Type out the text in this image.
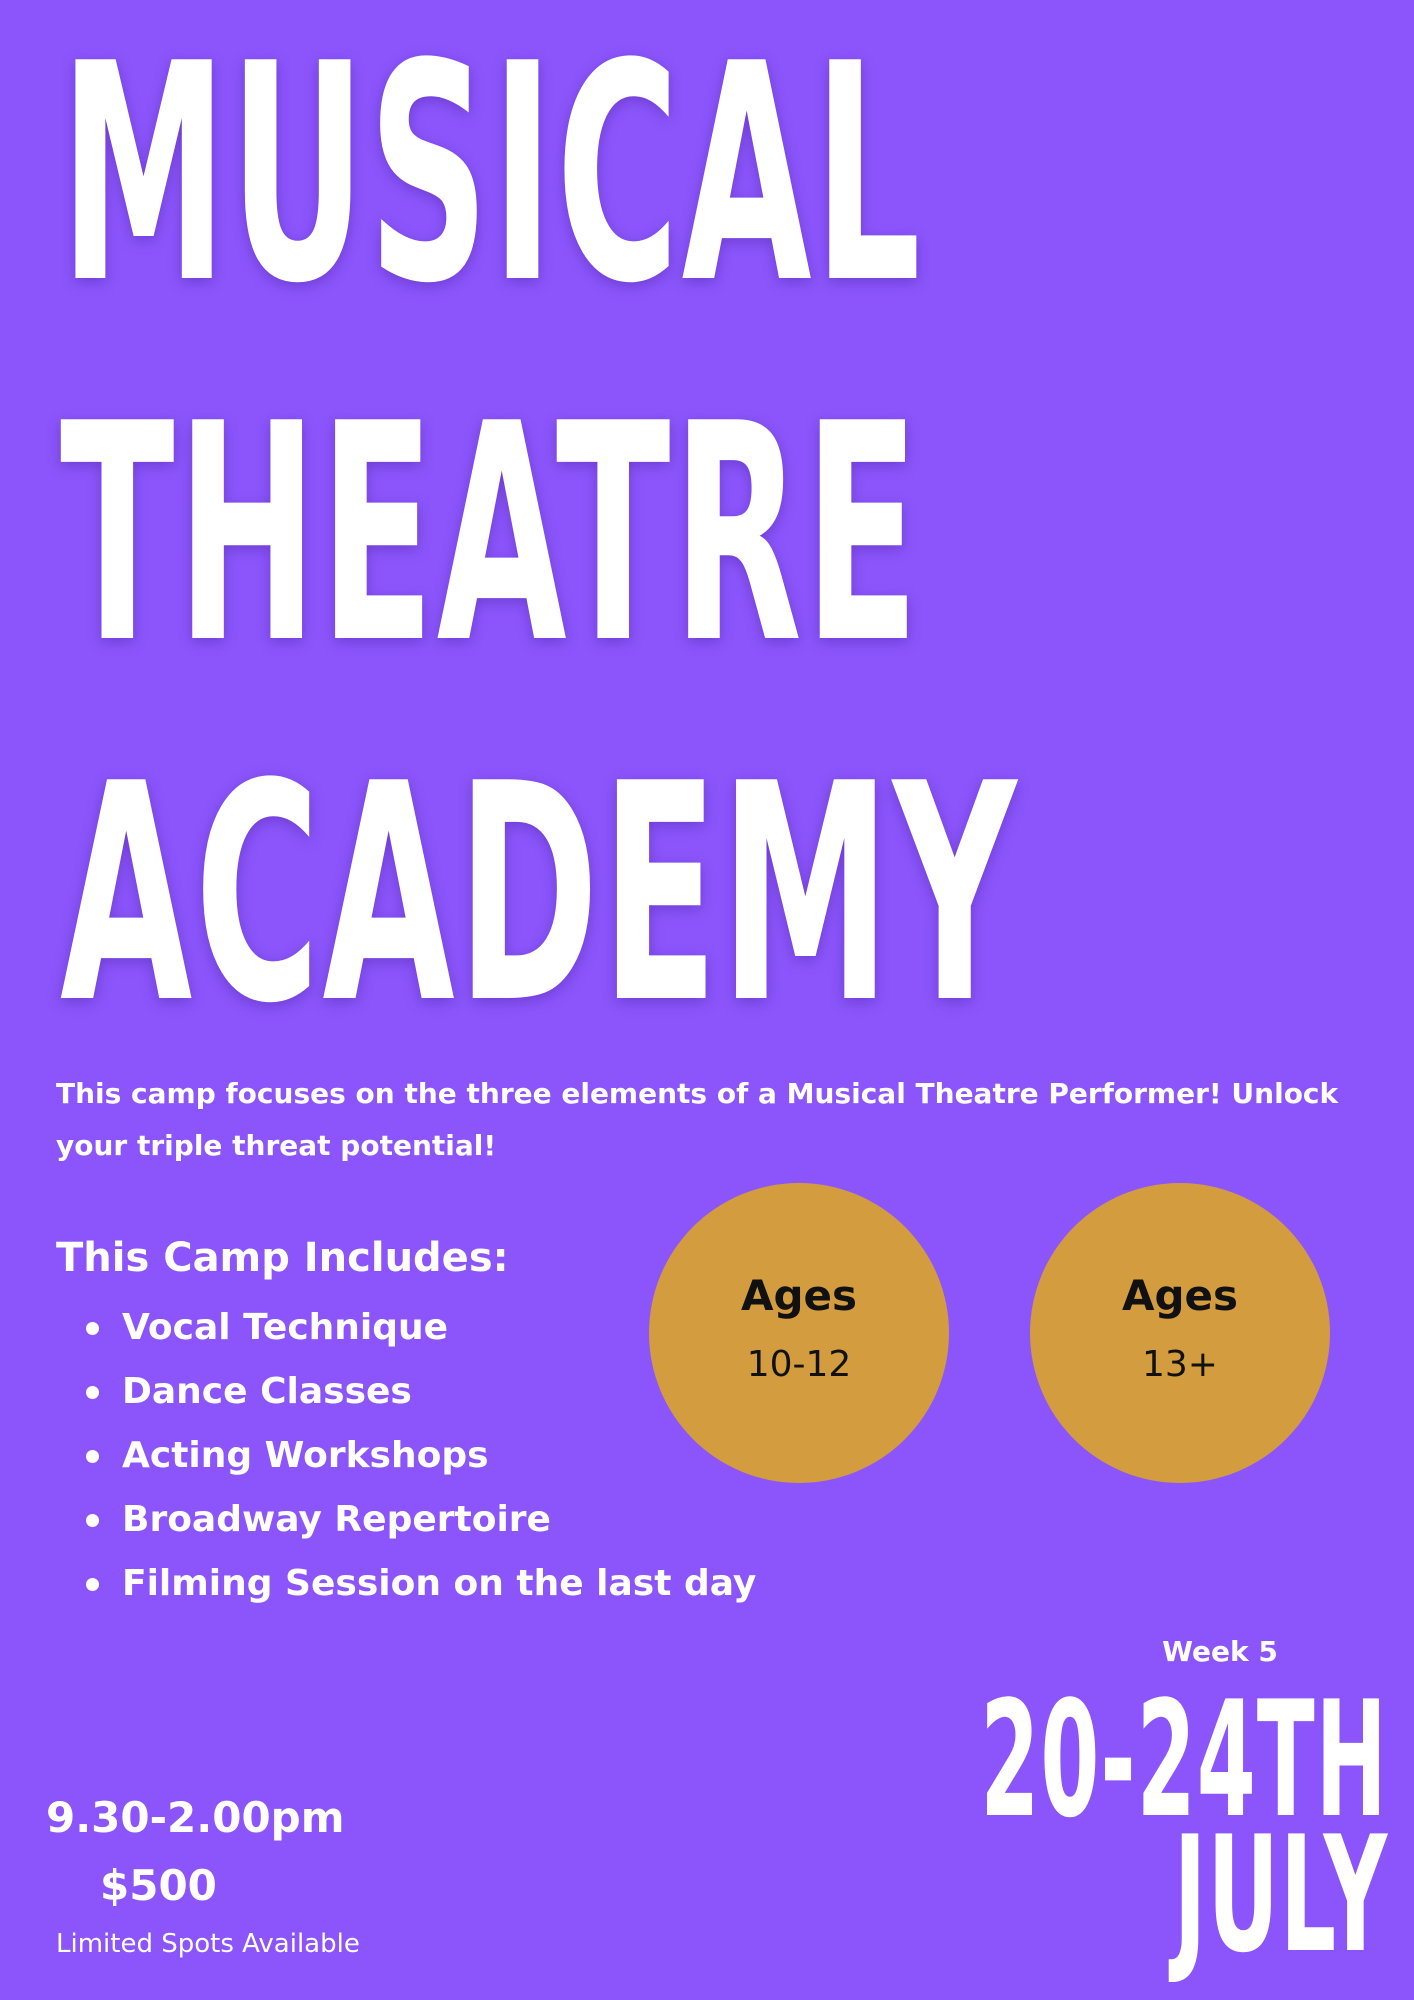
MUSICAL
THEATRE
ACADEMY

This camp focuses on the three elements of a Musical Theatre Performer! Unlock your triple threat potential!

This Camp Includes:
Vocal Technique
Dance Classes
Acting Workshops
Broadway Repertoire
Filming Session on the last day
Ages
10-12
Ages
13+

Week 5

20-24TH

JULY

9.30-2.00pm

$500

Limited Spots Available
